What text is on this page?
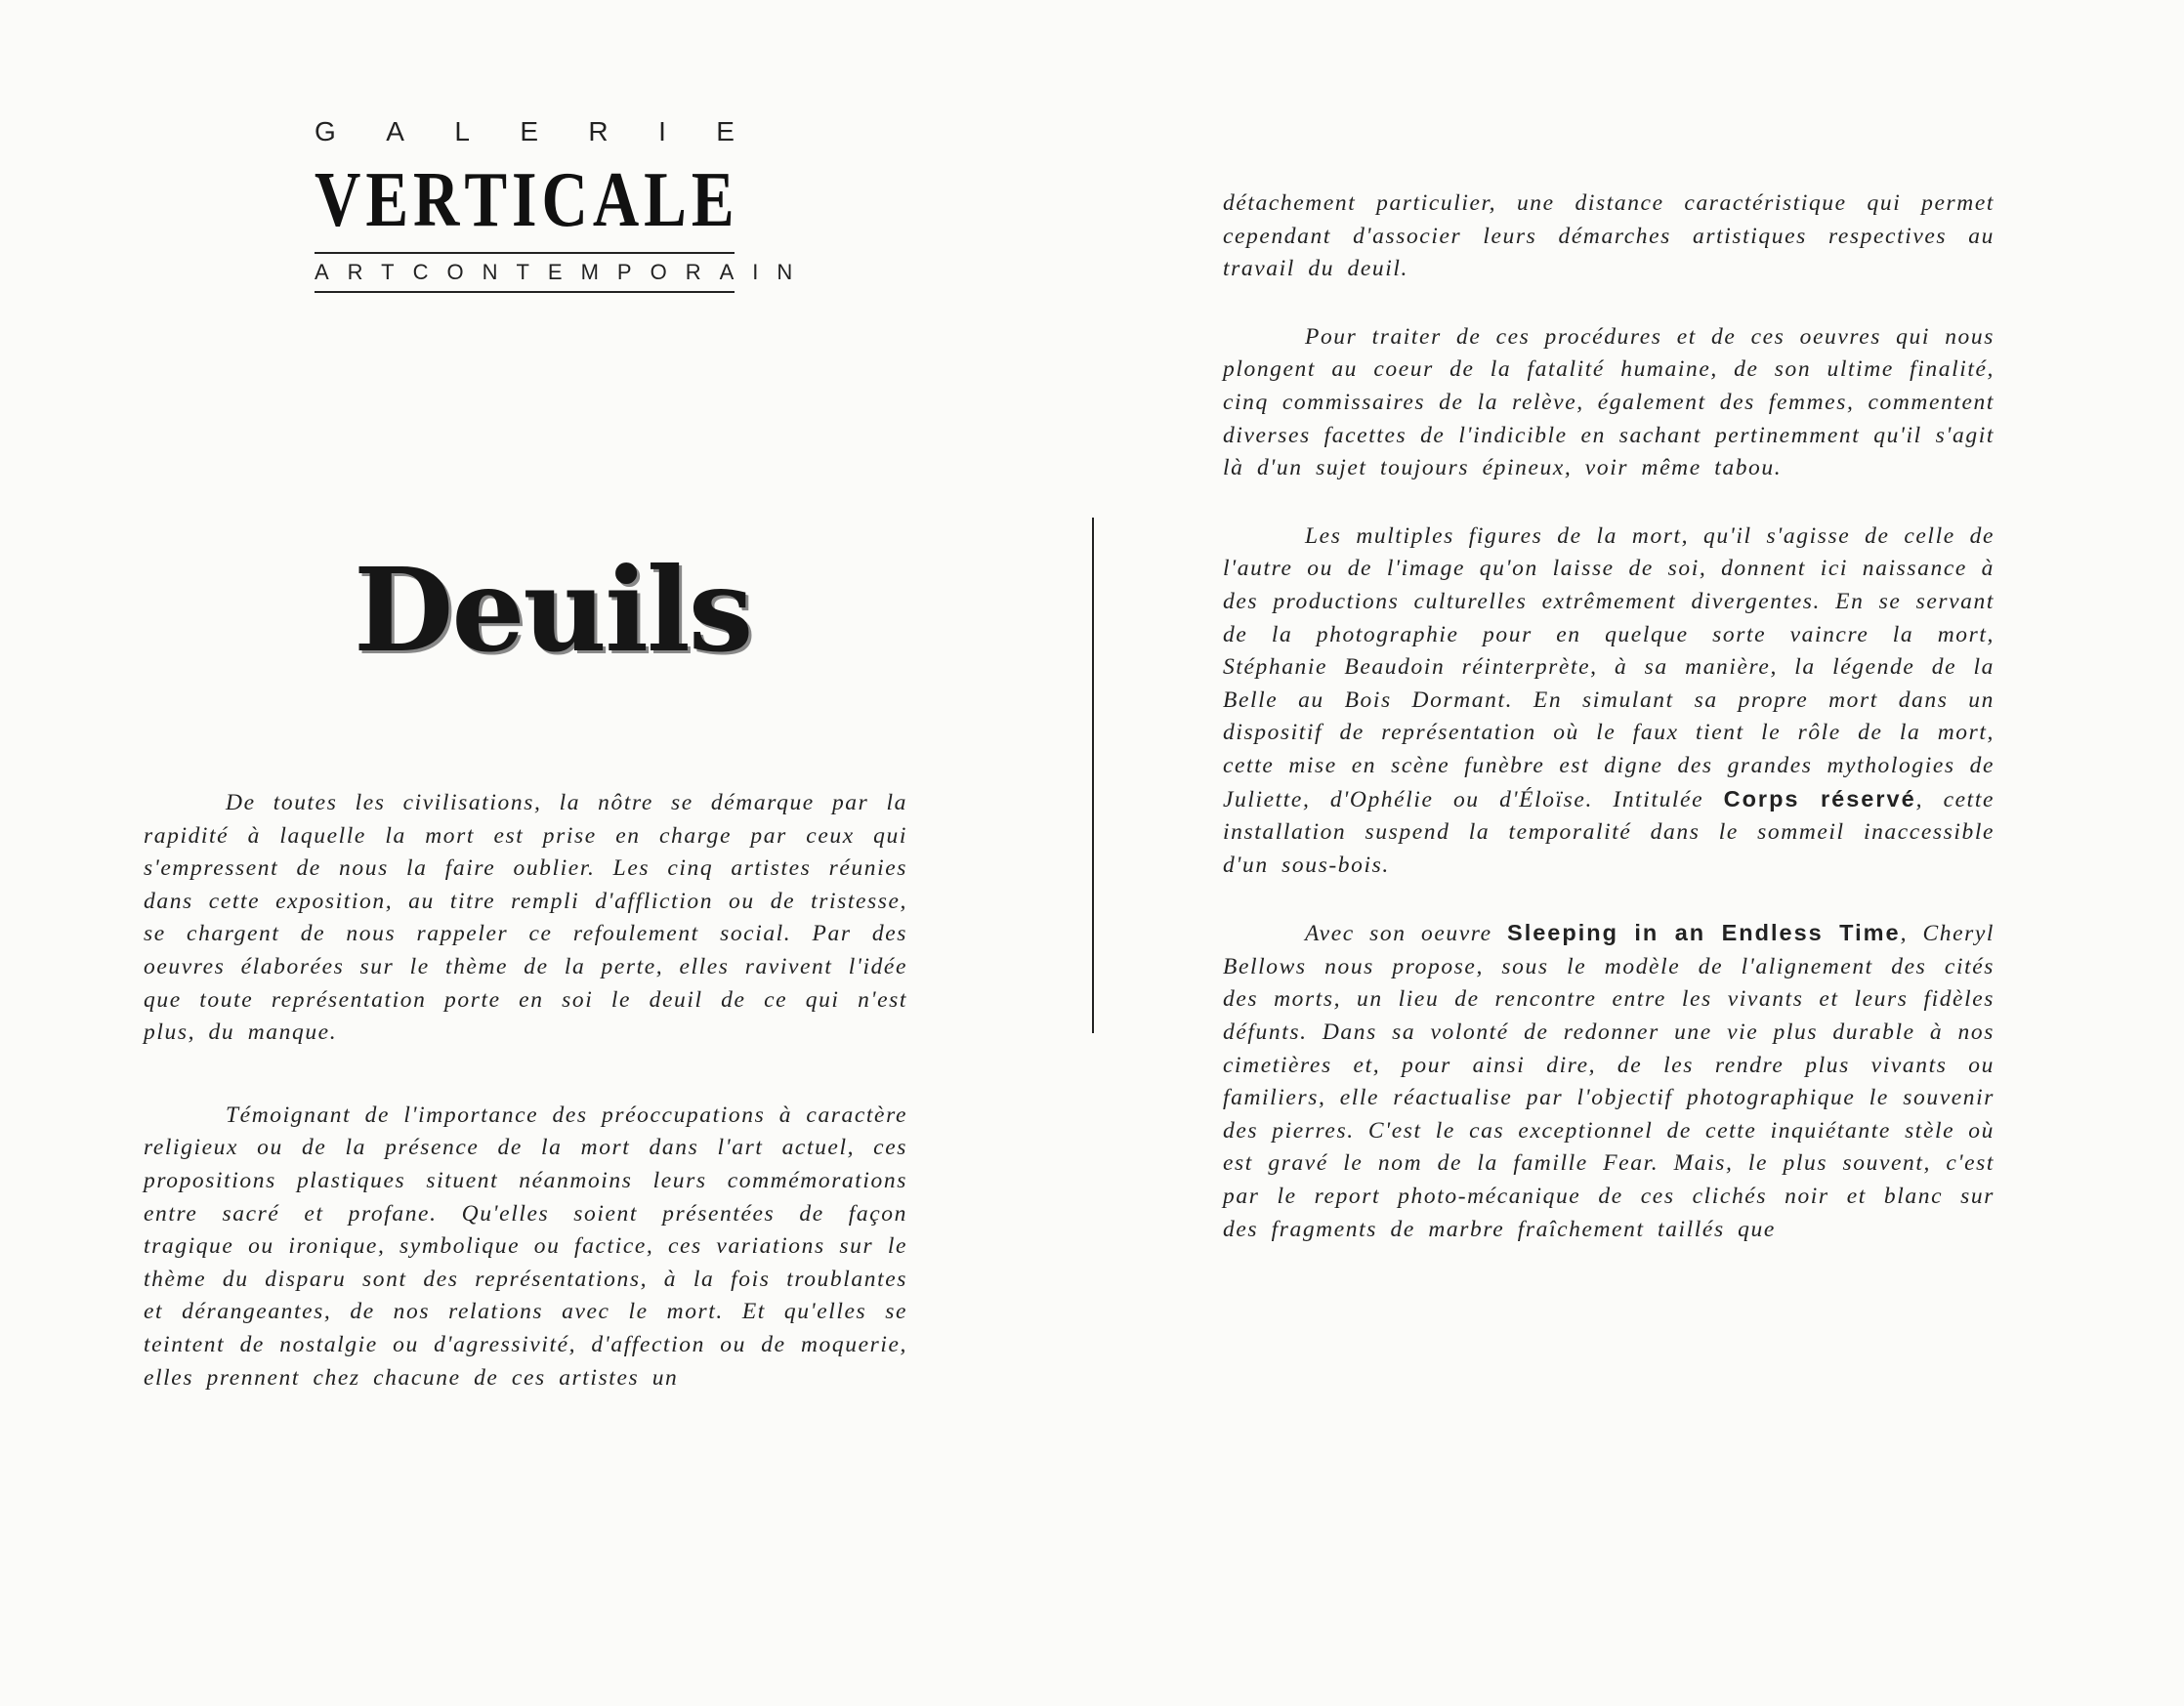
G A L E R I E
V E R T I C A L E
ART CONTEMPORAIN
Deuils

De toutes les civilisations, la nôtre se démarque par la rapidité à laquelle la mort est prise en charge par ceux qui s'empressent de nous la faire oublier. Les cinq artistes réunies dans cette exposition, au titre rempli d'affliction ou de tristesse, se chargent de nous rappeler ce refoulement social. Par des oeuvres élaborées sur le thème de la perte, elles ravivent l'idée que toute représentation porte en soi le deuil de ce qui n'est plus, du manque.

Témoignant de l'importance des préoccupations à caractère religieux ou de la présence de la mort dans l'art actuel, ces propositions plastiques situent néanmoins leurs commémorations entre sacré et profane. Qu'elles soient présentées de façon tragique ou ironique, symbolique ou factice, ces variations sur le thème du disparu sont des représentations, à la fois troublantes et dérangeantes, de nos relations avec le mort. Et qu'elles se teintent de nostalgie ou d'agressivité, d'affection ou de moquerie, elles prennent chez chacune de ces artistes un

détachement particulier, une distance caractéristique qui permet cependant d'associer leurs démarches artistiques respectives au travail du deuil.

Pour traiter de ces procédures et de ces oeuvres qui nous plongent au coeur de la fatalité humaine, de son ultime finalité, cinq commissaires de la relève, également des femmes, commentent diverses facettes de l'indicible en sachant pertinemment qu'il s'agit là d'un sujet toujours épineux, voir même tabou.

Les multiples figures de la mort, qu'il s'agisse de celle de l'autre ou de l'image qu'on laisse de soi, donnent ici naissance à des productions culturelles extrêmement divergentes. En se servant de la photographie pour en quelque sorte vaincre la mort, Stéphanie Beaudoin réinterprète, à sa manière, la légende de la Belle au Bois Dormant. En simulant sa propre mort dans un dispositif de représentation où le faux tient le rôle de la mort, cette mise en scène funèbre est digne des grandes mythologies de Juliette, d'Ophélie ou d'Éloïse. Intitulée Corps réservé, cette installation suspend la temporalité dans le sommeil inaccessible d'un sous-bois.

Avec son oeuvre Sleeping in an Endless Time, Cheryl Bellows nous propose, sous le modèle de l'alignement des cités des morts, un lieu de rencontre entre les vivants et leurs fidèles défunts. Dans sa volonté de redonner une vie plus durable à nos cimetières et, pour ainsi dire, de les rendre plus vivants ou familiers, elle réactualise par l'objectif photographique le souvenir des pierres. C'est le cas exceptionnel de cette inquiétante stèle où est gravé le nom de la famille Fear. Mais, le plus souvent, c'est par le report photo-mécanique de ces clichés noir et blanc sur des fragments de marbre fraîchement taillés que
